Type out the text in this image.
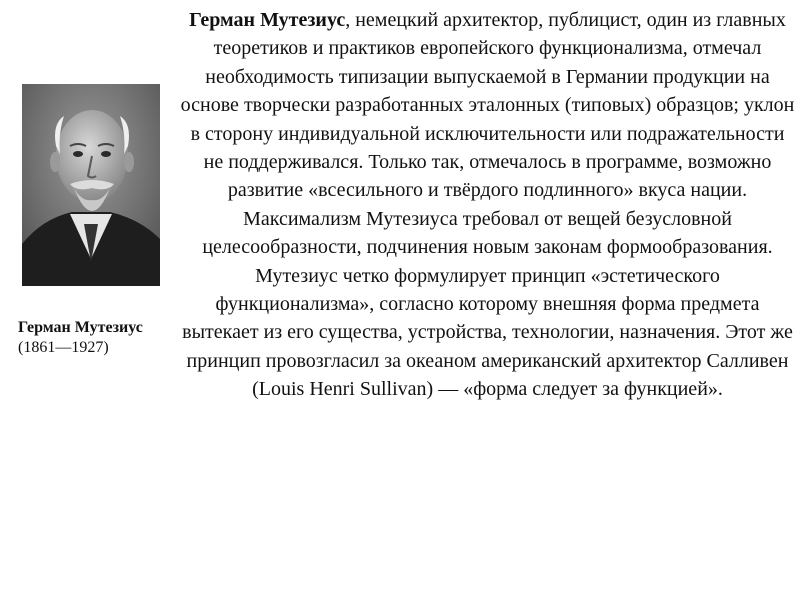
Герман Мутезиус
(1861—1927)

Герман Мутезиус, немецкий архитектор, публицист, один из главных теоретиков и практиков европейского функционализма, отмечал необходимость типизации выпускаемой в Германии продукции на основе творчески разработанных эталонных (типовых) образцов; уклон в сторону индивидуальной исключительности или подражательности не поддерживался. Только так, отмечалось в программе, возможно развитие «всесильного и твёрдого подлинного» вкуса нации.

Максимализм Мутезиуса требовал от вещей безусловной целесообразности, подчинения новым законам формообразования. Мутезиус четко формулирует принцип «эстетического функционализма», согласно которому внешняя форма предмета вытекает из его существа, устройства, технологии, назначения. Этот же принцип провозгласил за океаном американский архитектор Салливен (Louis Henri Sullivan) — «форма следует за функцией».
